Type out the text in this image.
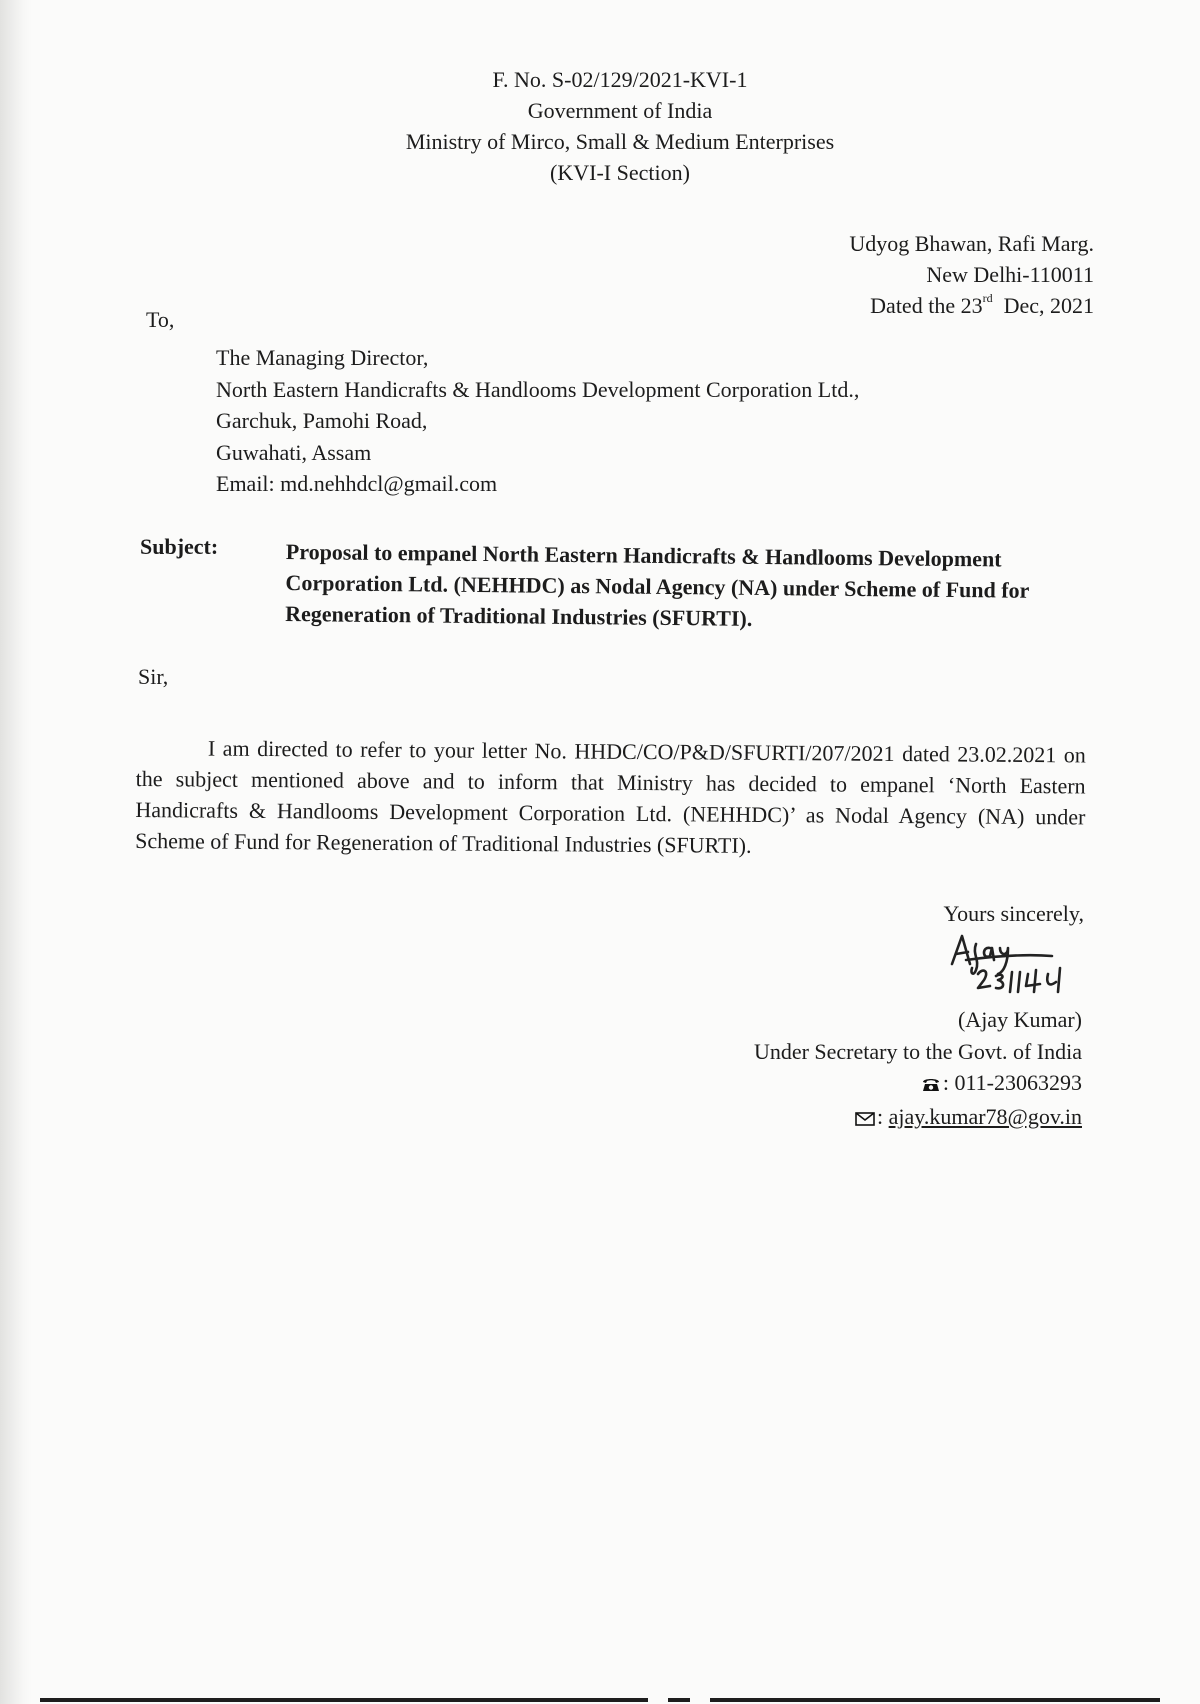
F. No. S-02/129/2021-KVI-1
Government of India
Ministry of Mirco, Small & Medium Enterprises
(KVI-I Section)
Udyog Bhawan, Rafi Marg.
New Delhi-110011
Dated the 23rd Dec, 2021
To,
The Managing Director,
North Eastern Handicrafts & Handlooms Development Corporation Ltd.,
Garchuk, Pamohi Road,
Guwahati, Assam
Email: md.nehhdcl@gmail.com
Subject:	Proposal to empanel North Eastern Handicrafts & Handlooms Development Corporation Ltd. (NEHHDC) as Nodal Agency (NA) under Scheme of Fund for Regeneration of Traditional Industries (SFURTI).
Sir,
I am directed to refer to your letter No. HHDC/CO/P&D/SFURTI/207/2021 dated 23.02.2021 on the subject mentioned above and to inform that Ministry has decided to empanel ‘North Eastern Handicrafts & Handlooms Development Corporation Ltd. (NEHHDC)’ as Nodal Agency (NA) under Scheme of Fund for Regeneration of Traditional Industries (SFURTI).
Yours sincerely,
(Ajay Kumar)
Under Secretary to the Govt. of India
: 011-23063293
: ajay.kumar78@gov.in
